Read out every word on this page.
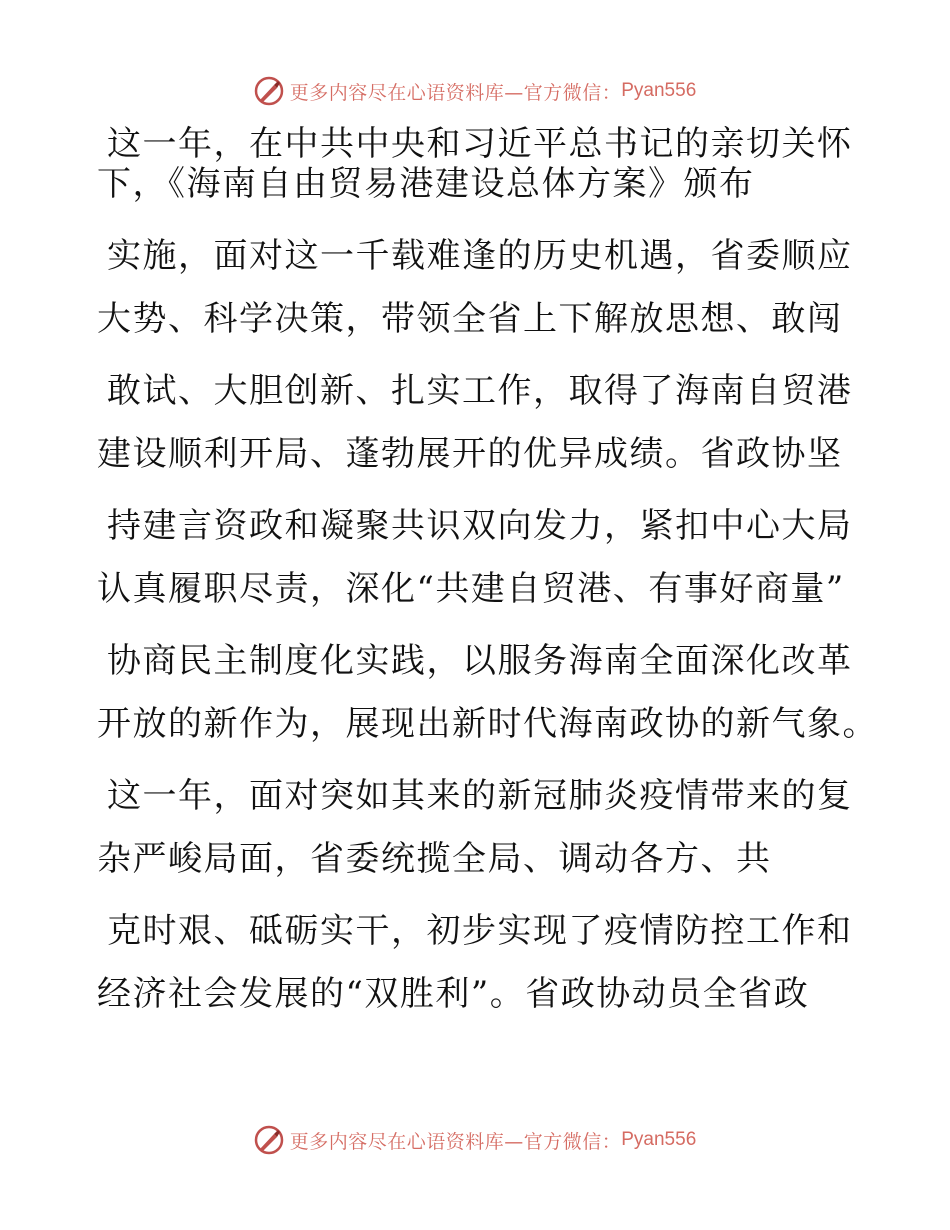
更多内容尽在心语资料库—官方微信： Pyan556
这一年，在中共中央和习近平总书记的亲切关怀
下，《海南自由贸易港建设总体方案》颁布
实施，面对这一千载难逢的历史机遇，省委顺应
大势、科学决策，带领全省上下解放思想、敢闯
敢试、大胆创新、扎实工作，取得了海南自贸港
建设顺利开局、蓬勃展开的优异成绩。省政协坚
持建言资政和凝聚共识双向发力，紧扣中心大局
认真履职尽责，深化“共建自贸港、有事好商量”
协商民主制度化实践，以服务海南全面深化改革
开放的新作为，展现出新时代海南政协的新气象。
这一年，面对突如其来的新冠肺炎疫情带来的复
杂严峻局面，省委统揽全局、调动各方、共
克时艰、砥砺实干，初步实现了疫情防控工作和
经济社会发展的“双胜利”。省政协动员全省政
更多内容尽在心语资料库—官方微信： Pyan556
